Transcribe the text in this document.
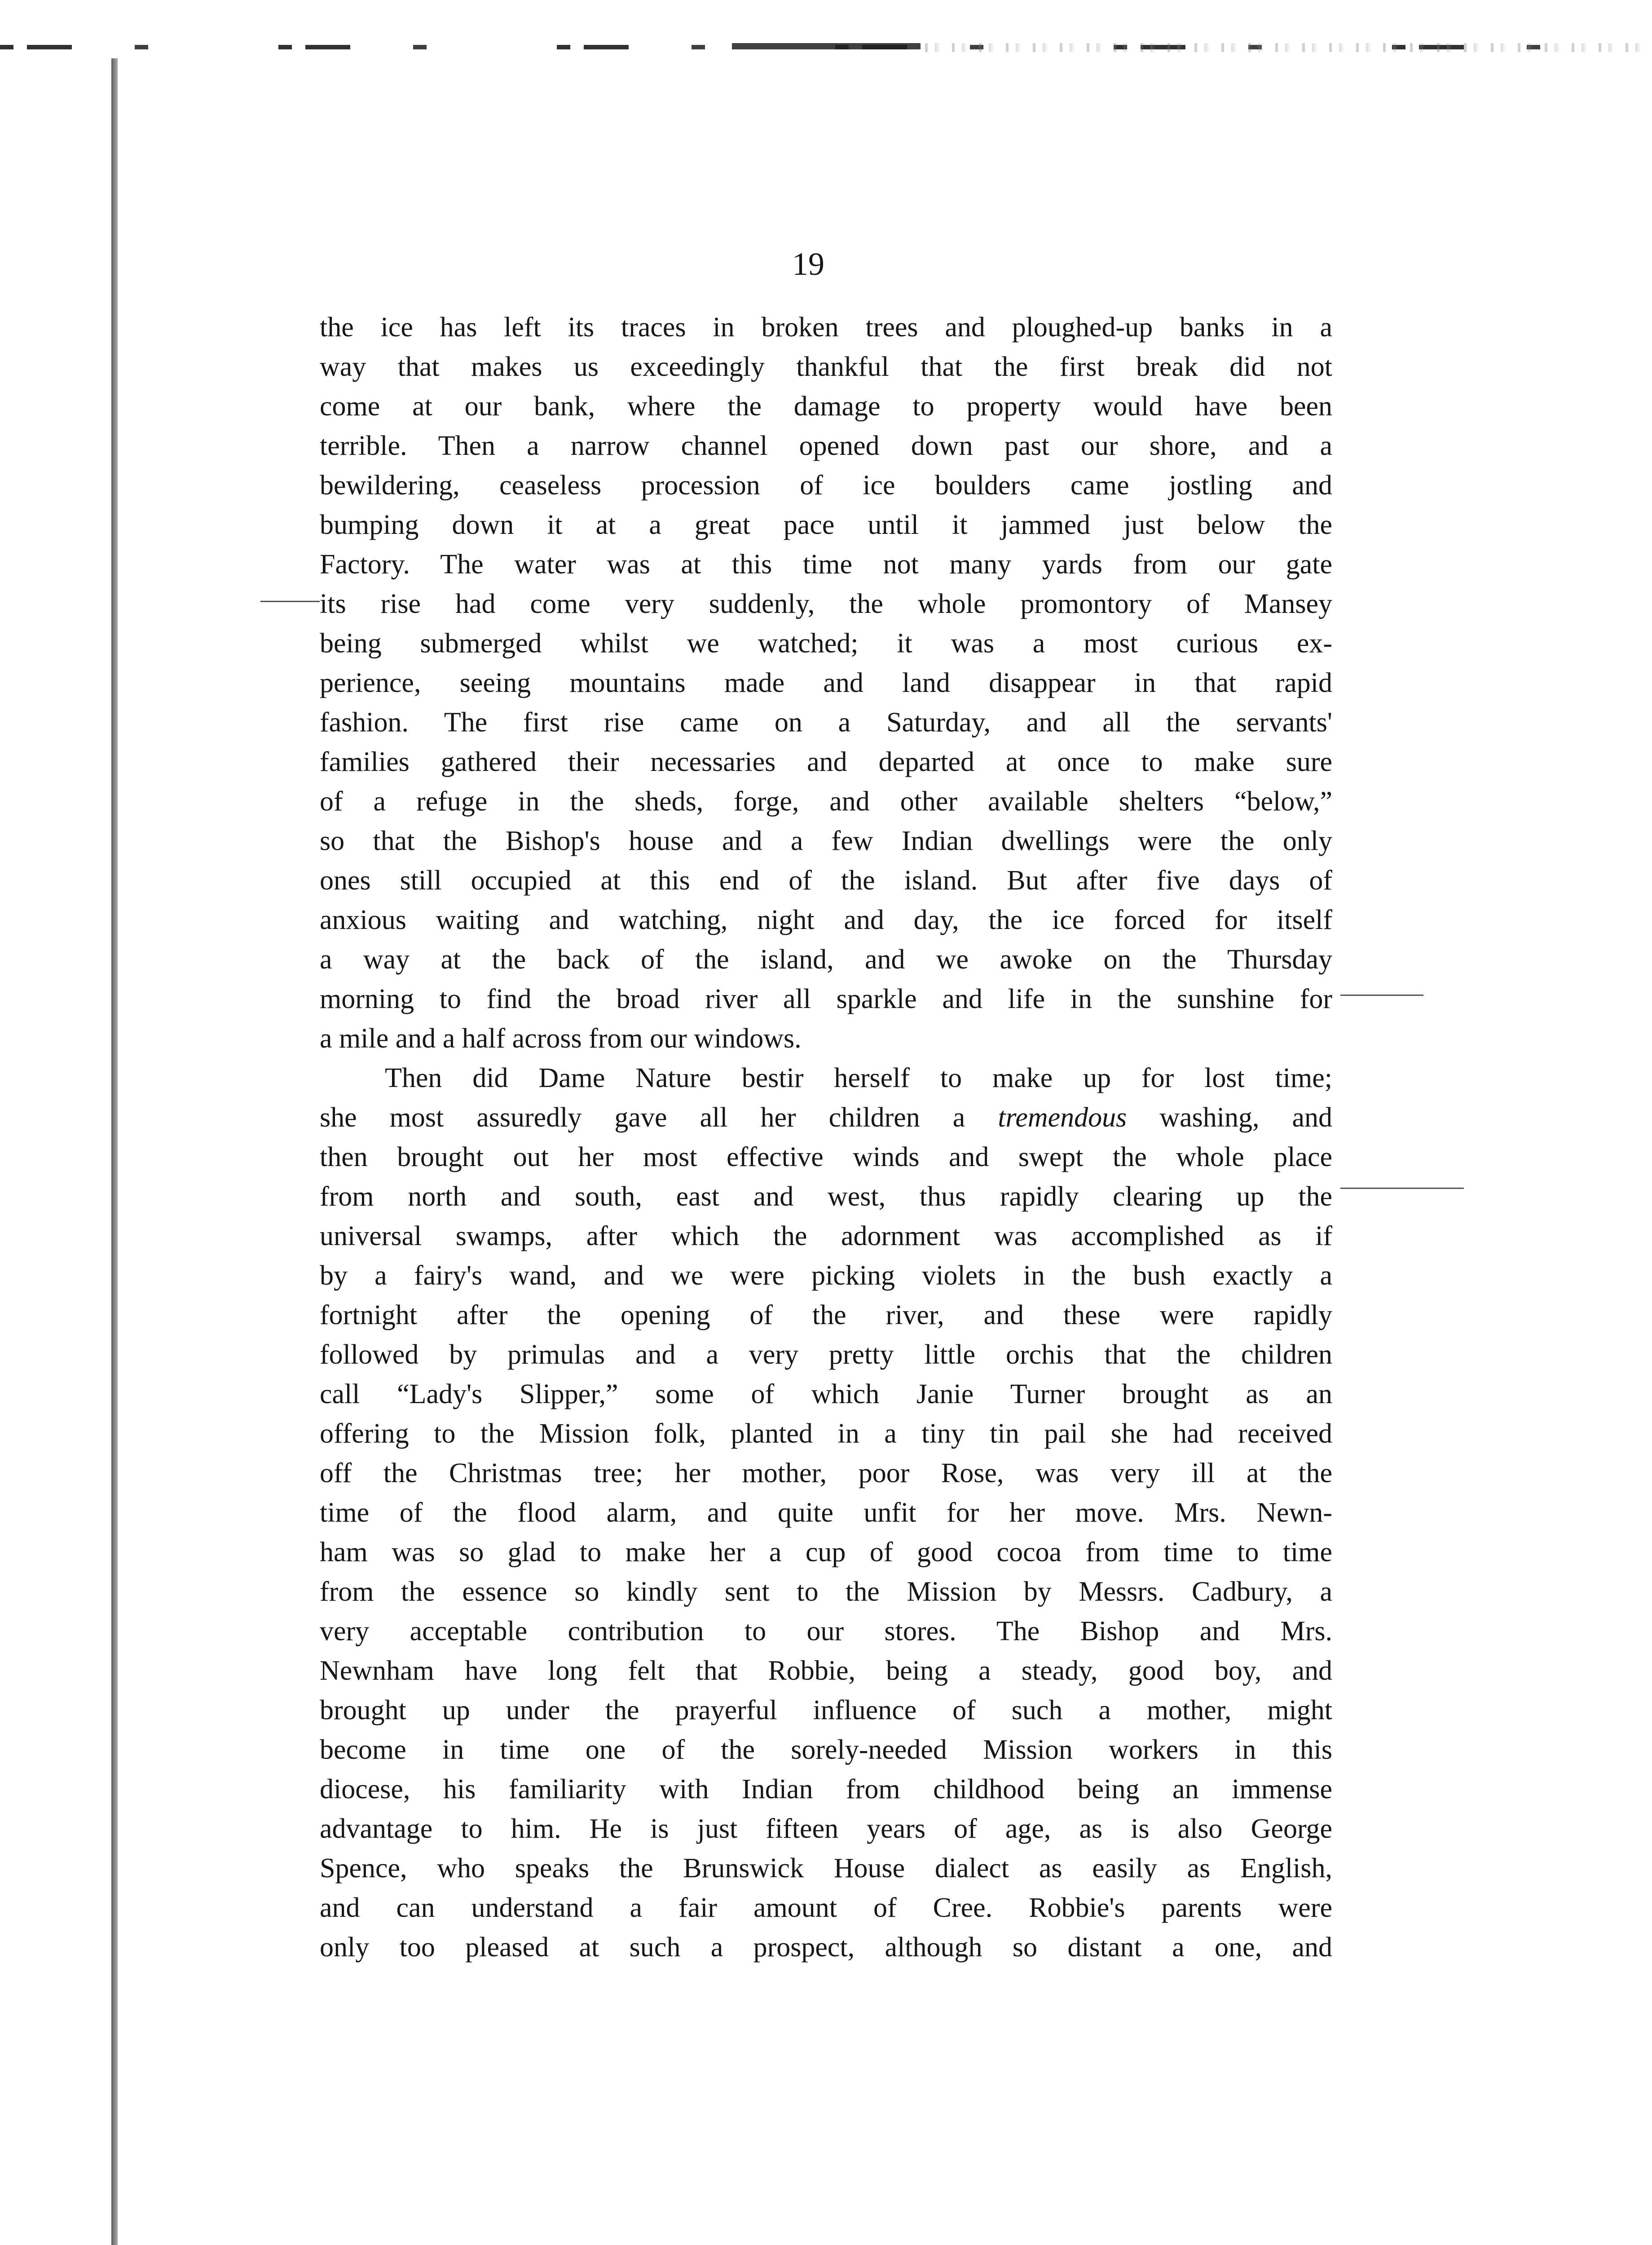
19
the ice has left its traces in broken trees and ploughed-up banks in a
way that makes us exceedingly thankful that the first break did not
come at our bank, where the damage to property would have been
terrible. Then a narrow channel opened down past our shore, and a
bewildering, ceaseless procession of ice boulders came jostling and
bumping down it at a great pace until it jammed just below the
Factory. The water was at this time not many yards from our gate
its rise had come very suddenly, the whole promontory of Mansey
being submerged whilst we watched; it was a most curious ex-
perience, seeing mountains made and land disappear in that rapid
fashion. The first rise came on a Saturday, and all the servants'
families gathered their necessaries and departed at once to make sure
of a refuge in the sheds, forge, and other available shelters “below,”
so that the Bishop's house and a few Indian dwellings were the only
ones still occupied at this end of the island. But after five days of
anxious waiting and watching, night and day, the ice forced for itself
a way at the back of the island, and we awoke on the Thursday
morning to find the broad river all sparkle and life in the sunshine for
a mile and a half across from our windows.
Then did Dame Nature bestir herself to make up for lost time;
she most assuredly gave all her children a tremendous washing, and
then brought out her most effective winds and swept the whole place
from north and south, east and west, thus rapidly clearing up the
universal swamps, after which the adornment was accomplished as if
by a fairy's wand, and we were picking violets in the bush exactly a
fortnight after the opening of the river, and these were rapidly
followed by primulas and a very pretty little orchis that the children
call “Lady's Slipper,” some of which Janie Turner brought as an
offering to the Mission folk, planted in a tiny tin pail she had received
off the Christmas tree; her mother, poor Rose, was very ill at the
time of the flood alarm, and quite unfit for her move. Mrs. Newn-
ham was so glad to make her a cup of good cocoa from time to time
from the essence so kindly sent to the Mission by Messrs. Cadbury, a
very acceptable contribution to our stores. The Bishop and Mrs.
Newnham have long felt that Robbie, being a steady, good boy, and
brought up under the prayerful influence of such a mother, might
become in time one of the sorely-needed Mission workers in this
diocese, his familiarity with Indian from childhood being an immense
advantage to him. He is just fifteen years of age, as is also George
Spence, who speaks the Brunswick House dialect as easily as English,
and can understand a fair amount of Cree. Robbie's parents were
only too pleased at such a prospect, although so distant a one, and
